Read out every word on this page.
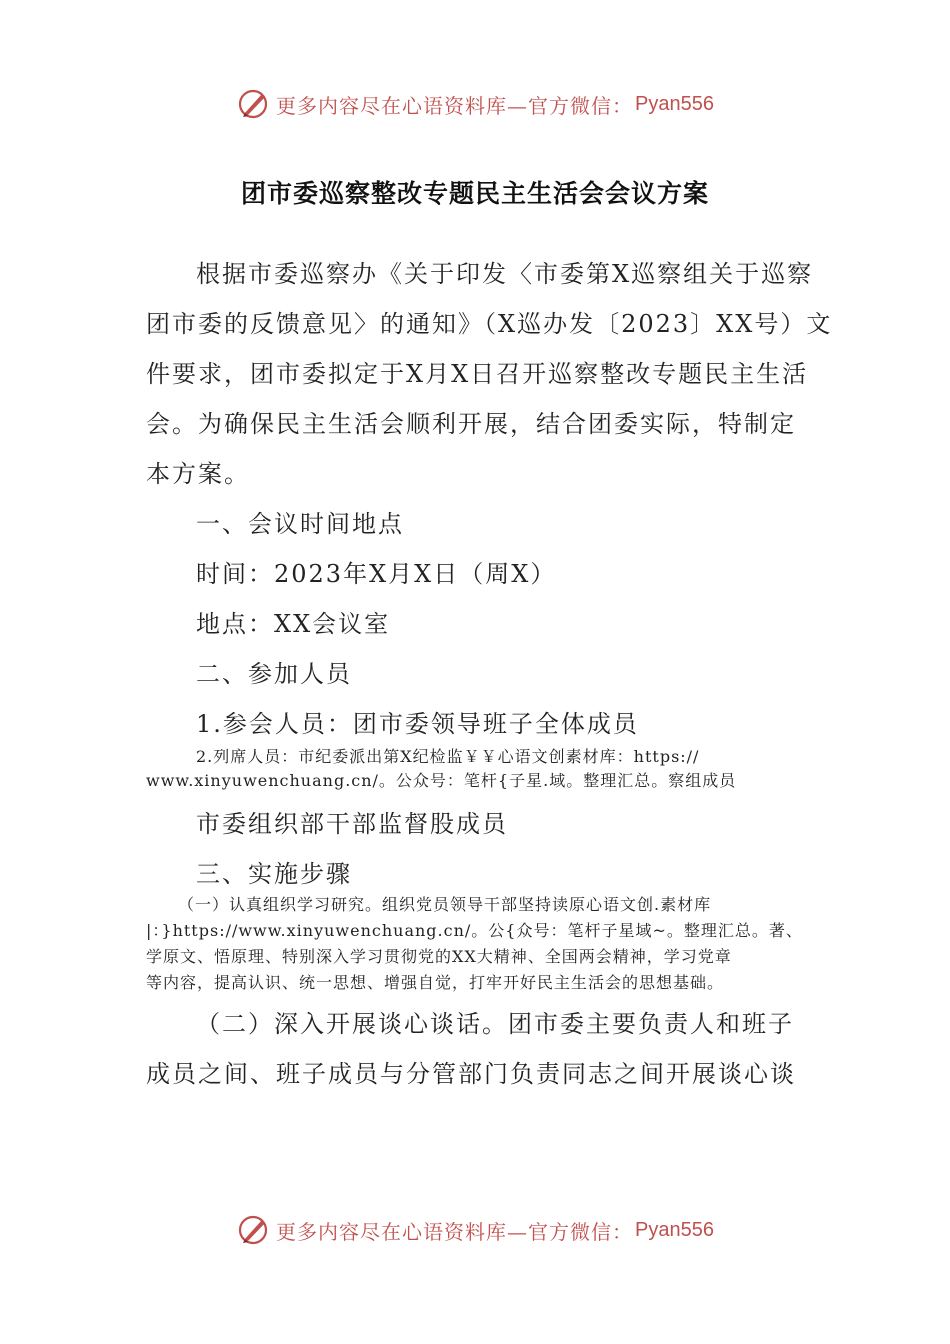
更多内容尽在心语资料库—官方微信： Pyan556
团市委巡察整改专题民主生活会会议方案
根据市委巡察办《关于印发〈市委第X巡察组关于巡察
团市委的反馈意见〉的通知》（X巡办发〔2023〕XX号）文
件要求，团市委拟定于X月X日召开巡察整改专题民主生活
会。为确保民主生活会顺利开展，结合团委实际，特制定
本方案。
一、会议时间地点
时间：2023年X月X日（周X）
地点：XX会议室
二、参加人员
1.参会人员：团市委领导班子全体成员
2.列席人员：市纪委派出第X纪检监￥￥心语文创素材库：https://
www.xinyuwenchuang.cn/。公众号：笔杆{子星.域。整理汇总。察组成员
市委组织部干部监督股成员
三、实施步骤
（一）认真组织学习研究。组织党员领导干部坚持读原心语文创.素材库
|：}https://www.xinyuwenchuang.cn/。公{众号：笔杆子星域~。整理汇总。著、
学原文、悟原理、特别深入学习贯彻党的XX大精神、全国两会精神，学习党章
等内容，提高认识、统一思想、增强自觉，打牢开好民主生活会的思想基础。
（二）深入开展谈心谈话。团市委主要负责人和班子
成员之间、班子成员与分管部门负责同志之间开展谈心谈
更多内容尽在心语资料库—官方微信： Pyan556
